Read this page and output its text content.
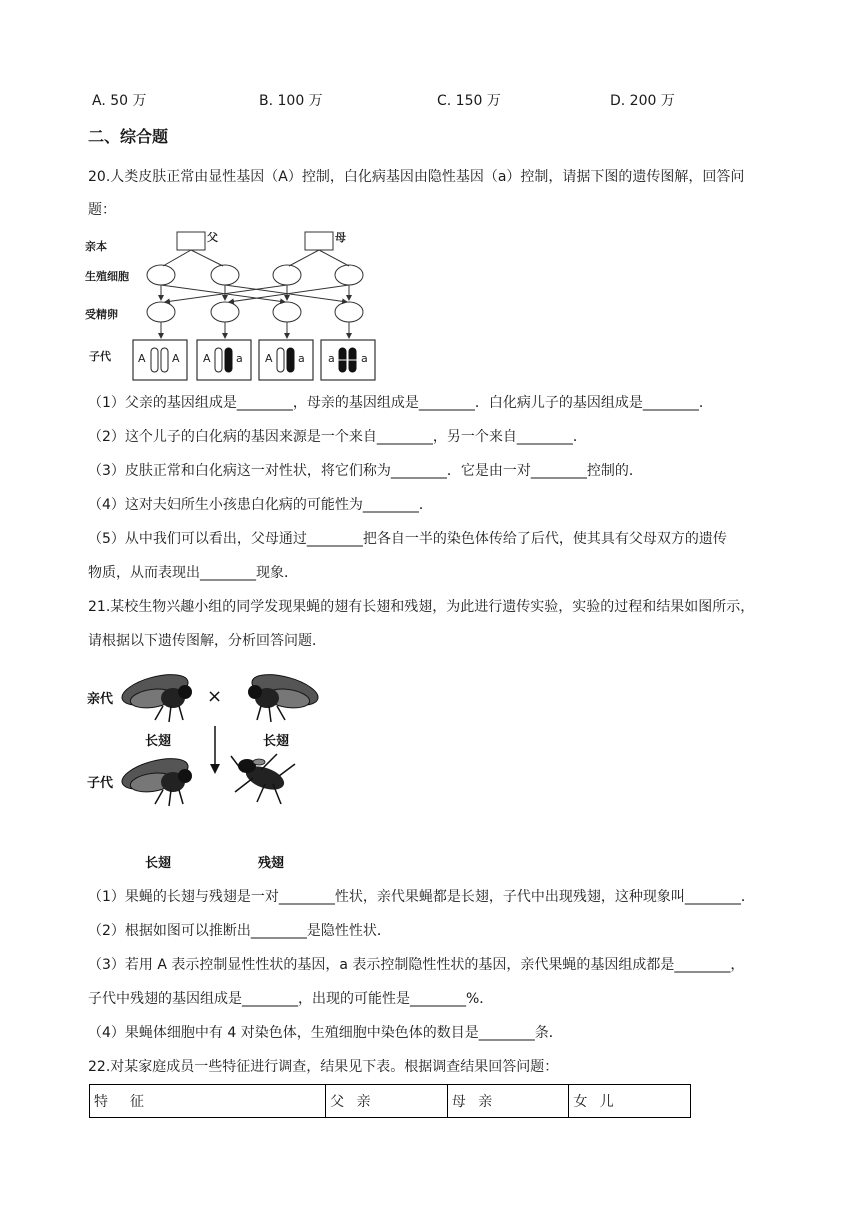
A. 50 万	B. 100 万	C. 150 万	D. 200 万
二、综合题
20.人类皮肤正常由显性基因（A）控制，白化病基因由隐性基因（a）控制，请据下图的遗传图解，回答问
题：
亲本
生殖细胞
受精卵
子代
父	母
A A A a A a a a
（1）父亲的基因组成是________，母亲的基因组成是________．白化病儿子的基因组成是________．
（2）这个儿子的白化病的基因来源是一个来自________，另一个来自________．
（3）皮肤正常和白化病这一对性状，将它们称为________．它是由一对________控制的．
（4）这对夫妇所生小孩患白化病的可能性为________．
（5）从中我们可以看出，父母通过________把各自一半的染色体传给了后代，使其具有父母双方的遗传
物质，从而表现出________现象．
21.某校生物兴趣小组的同学发现果蝇的翅有长翅和残翅，为此进行遗传实验，实验的过程和结果如图所示，
请根据以下遗传图解，分析回答问题．
亲代
子代
×
长翅	长翅
长翅	残翅
（1）果蝇的长翅与残翅是一对________性状，亲代果蝇都是长翅，子代中出现残翅，这种现象叫________．
（2）根据如图可以推断出________是隐性性状．
（3）若用 A 表示控制显性性状的基因，a 表示控制隐性性状的基因，亲代果蝇的基因组成都是________，
子代中残翅的基因组成是________，出现的可能性是________%．
（4）果蝇体细胞中有 4 对染色体，生殖细胞中染色体的数目是________条．
22.对某家庭成员一些特征进行调查，结果见下表。根据调查结果回答问题：
特　征	父 亲	母 亲	女 儿
